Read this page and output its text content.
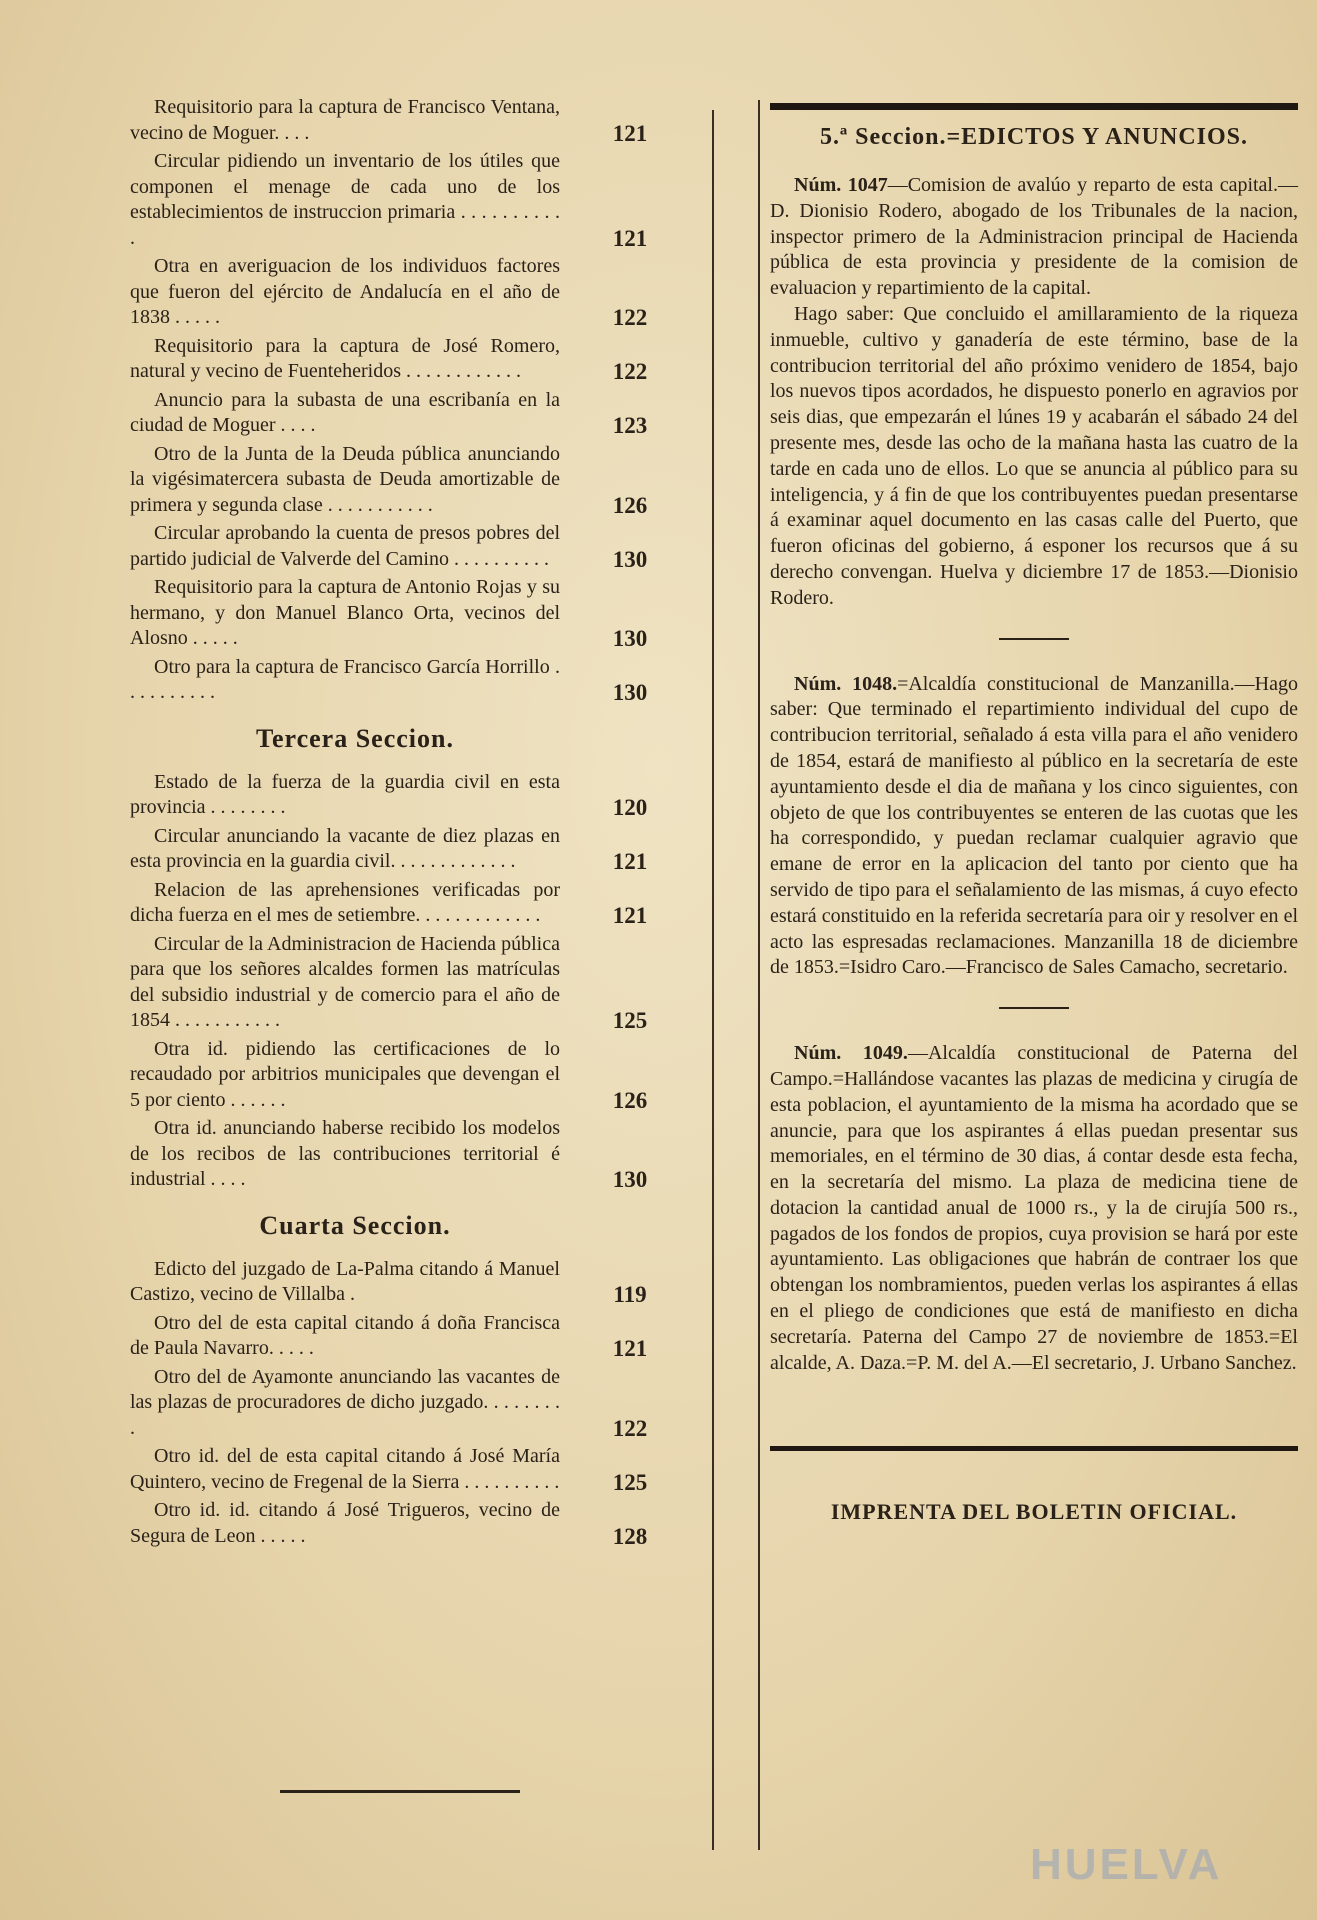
Requisitorio para la captura de Francisco Ventana, vecino de Moguer. . . .	121
Circular pidiendo un inventario de los útiles que componen el menage de cada uno de los establecimientos de instruccion primaria . . . . . . . . . . .	121
Otra en averiguacion de los individuos factores que fueron del ejército de Andalucía en el año de 1838 . . . . .	122
Requisitorio para la captura de José Romero, natural y vecino de Fuenteheridos . . . . . . . . . . . .	122
Anuncio para la subasta de una escribanía en la ciudad de Moguer . . . .	123
Otro de la Junta de la Deuda pública anunciando la vigésimatercera subasta de Deuda amortizable de primera y segunda clase . . . . . . . . . . .	126
Circular aprobando la cuenta de presos pobres del partido judicial de Valverde del Camino . . . . . . . . . .	130
Requisitorio para la captura de Antonio Rojas y su hermano, y don Manuel Blanco Orta, vecinos del Alosno . . . . .	130
Otro para la captura de Francisco García Horrillo . . . . . . . . . .	130
Tercera Seccion.
Estado de la fuerza de la guardia civil en esta provincia . . . . . . . .	120
Circular anunciando la vacante de diez plazas en esta provincia en la guardia civil. . . . . . . . . . . . .	121
Relacion de las aprehensiones verificadas por dicha fuerza en el mes de setiembre. . . . . . . . . . . . .	121
Circular de la Administracion de Hacienda pública para que los señores alcaldes formen las matrículas del subsidio industrial y de comercio para el año de 1854 . . . . . . . . . . .	125
Otra id. pidiendo las certificaciones de lo recaudado por arbitrios municipales que devengan el 5 por ciento . . . . . .	126
Otra id. anunciando haberse recibido los modelos de los recibos de las contribuciones territorial é industrial . . . .	130
Cuarta Seccion.
Edicto del juzgado de La-Palma citando á Manuel Castizo, vecino de Villalba .	119
Otro del de esta capital citando á doña Francisca de Paula Navarro. . . . .	121
Otro del de Ayamonte anunciando las vacantes de las plazas de procuradores de dicho juzgado. . . . . . . . .	122
Otro id. del de esta capital citando á José María Quintero, vecino de Fregenal de la Sierra . . . . . . . . . .	125
Otro id. id. citando á José Trigueros, vecino de Segura de Leon . . . . .	128
5.ª Seccion.=EDICTOS Y ANUNCIOS.

Núm. 1047—Comision de avalúo y reparto de esta capital.—D. Dionisio Rodero, abogado de los Tribunales de la nacion, inspector primero de la Administracion principal de Hacienda pública de esta provincia y presidente de la comision de evaluacion y repartimiento de la capital.

Hago saber: Que concluido el amillaramiento de la riqueza inmueble, cultivo y ganadería de este término, base de la contribucion territorial del año próximo venidero de 1854, bajo los nuevos tipos acordados, he dispuesto ponerlo en agravios por seis dias, que empezarán el lúnes 19 y acabarán el sábado 24 del presente mes, desde las ocho de la mañana hasta las cuatro de la tarde en cada uno de ellos. Lo que se anuncia al público para su inteligencia, y á fin de que los contribuyentes puedan presentarse á examinar aquel documento en las casas calle del Puerto, que fueron oficinas del gobierno, á esponer los recursos que á su derecho convengan. Huelva y diciembre 17 de 1853.—Dionisio Rodero.

Núm. 1048.=Alcaldía constitucional de Manzanilla.—Hago saber: Que terminado el repartimiento individual del cupo de contribucion territorial, señalado á esta villa para el año venidero de 1854, estará de manifiesto al público en la secretaría de este ayuntamiento desde el dia de mañana y los cinco siguientes, con objeto de que los contribuyentes se enteren de las cuotas que les ha correspondido, y puedan reclamar cualquier agravio que emane de error en la aplicacion del tanto por ciento que ha servido de tipo para el señalamiento de las mismas, á cuyo efecto estará constituido en la referida secretaría para oir y resolver en el acto las espresadas reclamaciones. Manzanilla 18 de diciembre de 1853.=Isidro Caro.—Francisco de Sales Camacho, secretario.

Núm. 1049.—Alcaldía constitucional de Paterna del Campo.=Hallándose vacantes las plazas de medicina y cirugía de esta poblacion, el ayuntamiento de la misma ha acordado que se anuncie, para que los aspirantes á ellas puedan presentar sus memoriales, en el término de 30 dias, á contar desde esta fecha, en la secretaría del mismo. La plaza de medicina tiene de dotacion la cantidad anual de 1000 rs., y la de cirujía 500 rs., pagados de los fondos de propios, cuya provision se hará por este ayuntamiento. Las obligaciones que habrán de contraer los que obtengan los nombramientos, pueden verlas los aspirantes á ellas en el pliego de condiciones que está de manifiesto en dicha secretaría. Paterna del Campo 27 de noviembre de 1853.=El alcalde, A. Daza.=P. M. del A.—El secretario, J. Urbano Sanchez.

IMPRENTA DEL BOLETIN OFICIAL.
HUELVA
